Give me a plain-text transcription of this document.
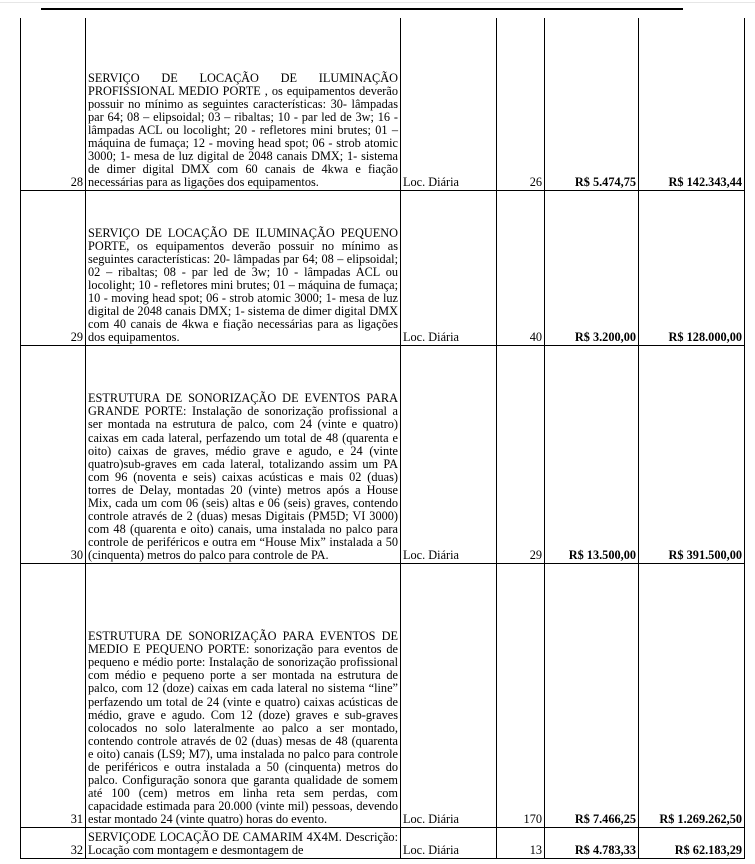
28	SERVIÇO DE LOCAÇÃO DE ILUMINAÇÃO PROFISSIONAL MEDIO PORTE , os equipamentos deverão possuir no mínimo as seguintes características: 30- lâmpadas par 64; 08 – elipsoidal; 03 – ribaltas; 10 - par led de 3w; 16 - lâmpadas ACL ou locolight; 20 - refletores mini brutes; 01 – máquina de fumaça; 12 - moving head spot; 06 - strob atomic 3000; 1- mesa de luz digital de 2048 canais DMX; 1- sistema de dimer digital DMX com 60 canais de 4kwa e fiação necessárias para as ligações dos equipamentos.	Loc. Diária	26	R$ 5.474,75	R$ 142.343,44
29	SERVIÇO DE LOCAÇÃO DE ILUMINAÇÃO PEQUENO PORTE, os equipamentos deverão possuir no mínimo as seguintes características: 20- lâmpadas par 64; 08 – elipsoidal; 02 – ribaltas; 08 - par led de 3w; 10 - lâmpadas ACL ou locolight; 10 - refletores mini brutes; 01 – máquina de fumaça; 10 - moving head spot; 06 - strob atomic 3000; 1- mesa de luz digital de 2048 canais DMX; 1- sistema de dimer digital DMX com 40 canais de 4kwa e fiação necessárias para as ligações dos equipamentos.	Loc. Diária	40	R$ 3.200,00	R$ 128.000,00
30	ESTRUTURA DE SONORIZAÇÃO DE EVENTOS PARA GRANDE PORTE: Instalação de sonorização profissional a ser montada na estrutura de palco, com 24 (vinte e quatro) caixas em cada lateral, perfazendo um total de 48 (quarenta e oito) caixas de graves, médio grave e agudo, e 24 (vinte quatro)sub-graves em cada lateral, totalizando assim um PA com 96 (noventa e seis) caixas acústicas e mais 02 (duas) torres de Delay, montadas 20 (vinte) metros após a House Mix, cada um com 06 (seis) altas e 06 (seis) graves, contendo controle através de 2 (duas) mesas Digitais (PM5D; VI 3000) com 48 (quarenta e oito) canais, uma instalada no palco para controle de periféricos e outra em “House Mix” instalada a 50 (cinquenta) metros do palco para controle de PA.	Loc. Diária	29	R$ 13.500,00	R$ 391.500,00
31	ESTRUTURA DE SONORIZAÇÃO PARA EVENTOS DE MEDIO E PEQUENO PORTE: sonorização para eventos de pequeno e médio porte: Instalação de sonorização profissional com médio e pequeno porte a ser montada na estrutura de palco, com 12 (doze) caixas em cada lateral no sistema “line” perfazendo um total de 24 (vinte e quatro) caixas acústicas de médio, grave e agudo. Com 12 (doze) graves e sub-graves colocados no solo lateralmente ao palco a ser montado, contendo controle através de 02 (duas) mesas de 48 (quarenta e oito) canais (LS9; M7), uma instalada no palco para controle de periféricos e outra instalada a 50 (cinquenta) metros do palco. Configuração sonora que garanta qualidade de somem até 100 (cem) metros em linha reta sem perdas, com capacidade estimada para 20.000 (vinte mil) pessoas, devendo estar montado 24 (vinte quatro) horas do evento.	Loc. Diária	170	R$ 7.466,25	R$ 1.269.262,50
32	SERVIÇODE LOCAÇÃO DE CAMARIM 4X4M. Descrição: Locação com montagem e desmontagem de	Loc. Diária	13	R$ 4.783,33	R$ 62.183,29
